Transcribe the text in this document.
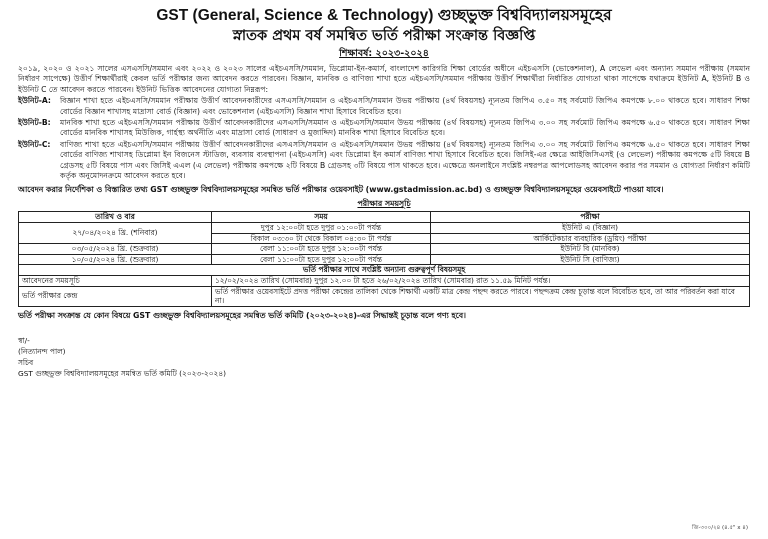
GST (General, Science & Technology) গুচ্ছভুক্ত বিশ্ববিদ্যালয়সমূহের
স্নাতক প্রথম বর্ষ সমন্বিত ভর্তি পরীক্ষা সংক্রান্ত বিজ্ঞপ্তি
শিক্ষাবর্ষ: ২০২৩-২০২৪
২০১৯, ২০২০ ও ২০২১ সালের এসএসসি/সমমান এবং ২০২২ ও ২০২৩ সালের এইচএসসি/সমমান, ডিপ্লোমা-ইন-কমার্স, বাংলাদেশ কারিগরি শিক্ষা বোর্ডের অধীনে এইচএসসি (ভোকেশনাল), A লেভেল এবং অন্যান্য সমমান পরীক্ষায় (সমমান নির্ধারণ সাপেক্ষে) উত্তীর্ণ শিক্ষার্থীরাই কেবল ভর্তি পরীক্ষার জন্য আবেদন করতে পারবেন। বিজ্ঞান, মানবিক ও বাণিজ্য শাখা হতে এইচএসসি/সমমান পরীক্ষায় উত্তীর্ণ শিক্ষার্থীরা নির্ধারিত যোগ্যতা থাকা সাপেক্ষে যথাক্রমে ইউনিট A, ইউনিট B ও ইউনিট C তে আবেদন করতে পারবেন। ইউনিট ভিত্তিক আবেদনের যোগ্যতা নিম্নরূপ:
ইউনিট-A:	বিজ্ঞান শাখা হতে এইচএসসি/সমমান পরীক্ষায় উত্তীর্ণ আবেদনকারীদের এসএসসি/সমমান ও এইচএসসি/সমমান উভয় পরীক্ষায় (৪র্থ বিষয়সহ) ন্যূনতম জিপিএ ৩.৫০ সহ সর্বমোট জিপিএ কমপক্ষে ৮.০০ থাকতে হবে। সাধারণ শিক্ষা বোর্ডের বিজ্ঞান শাখাসহ মাদ্রাসা বোর্ড (বিজ্ঞান) এবং ভোকেশনাল (এইচএসসি) বিজ্ঞান শাখা হিসাবে বিবেচিত হবে।
ইউনিট-B:	মানবিক শাখা হতে এইচএসসি/সমমান পরীক্ষায় উত্তীর্ণ আবেদনকারীদের এসএসসি/সমমান ও এইচএসসি/সমমান উভয় পরীক্ষায় (৪র্থ বিষয়সহ) ন্যূনতম জিপিএ ৩.০০ সহ সর্বমোট জিপিএ কমপক্ষে ৬.৫০ থাকতে হবে। সাধারণ শিক্ষা বোর্ডের মানবিক শাখাসহ মিউজিক, গার্হস্থ্য অর্থনীতি এবং মাদ্রাসা বোর্ড (সাধারণ ও মুজাদ্দিদ) মানবিক শাখা হিসাবে বিবেচিত হবে।
ইউনিট-C:	বাণিজ্য শাখা হতে এইচএসসি/সমমান পরীক্ষায় উত্তীর্ণ আবেদনকারীদের এসএসসি/সমমান ও এইচএসসি/সমমান উভয় পরীক্ষায় (৪র্থ বিষয়সহ) ন্যূনতম জিপিএ ৩.০০ সহ সর্বমোট জিপিএ কমপক্ষে ৬.৫০ থাকতে হবে। সাধারণ শিক্ষা বোর্ডের বাণিজ্য শাখাসহ ডিপ্লোমা ইন বিজনেস স্টাডিজ, ব্যবসায় ব্যবস্থাপনা (এইচএসসি) এবং ডিপ্লোমা ইন কমার্স বাণিজ্য শাখা হিসাবে বিবেচিত হবে। জিসিই-এর ক্ষেত্রে আইজিসিএসই (ও লেভেল) পরীক্ষায় কমপক্ষে ৫টি বিষয়ে B গ্রেডসহ ৫টি বিষয়ে পাস এবং জিসিই এএল (এ লেভেল) পরীক্ষায় কমপক্ষে ২টি বিষয়ে B গ্রেডসহ ৩টি বিষয়ে পাস থাকতে হবে। এক্ষেত্রে অনলাইনে সংশ্লিষ্ট নম্বরপত্র আপলোডসহ আবেদন করার পর সমমান ও যোগ্যতা নির্ধারণ কমিটি কর্তৃক অনুমোদনক্রমে আবেদন করতে হবে।
আবেদন করার নির্দেশিকা ও বিস্তারিত তথ্য GST গুচ্ছভুক্ত বিশ্ববিদ্যালয়সমূহের সমন্বিত ভর্তি পরীক্ষার ওয়েবসাইট (www.gstadmission.ac.bd) ও গুচ্ছভুক্ত বিশ্ববিদ্যালয়সমূহের ওয়েবসাইটে পাওয়া যাবে।
পরীক্ষার সময়সূচি
তারিখ ও বার	সময়	পরীক্ষা
২৭/০৪/২০২৪ খ্রি. (শনিবার)	দুপুর ১২:০০টা হতে দুপুর ০১:০০টা পর্যন্ত	ইউনিট এ (বিজ্ঞান)
	বিকাল ০৩:৩০ টা থেকে বিকাল ০৪:৩০ টা পর্যন্ত	আর্কিটেকচার ব্যবহারিক (ড্রয়িং) পরীক্ষা
০৩/০৫/২০২৪ খ্রি. (শুক্রবার)	বেলা ১১:০০টা হতে দুপুর ১২:০০টা পর্যন্ত	ইউনিট বি (মানবিক)
১০/০৫/২০২৪ খ্রি. (শুক্রবার)	বেলা ১১:০০টা হতে দুপুর ১২:০০টা পর্যন্ত	ইউনিট সি (বাণিজ্য)
ভর্তি পরীক্ষার সাথে সংশ্লিষ্ট অন্যান্য গুরুত্বপূর্ণ বিষয়সমূহ		
আবেদনের সময়সূচি	১২/০২/২০২৪ তারিখ (সোমবার) দুপুর ১২.০০ টা হতে ২৬/০২/২০২৪ তারিখ (সোমবার) রাত ১১.৫৯ মিনিট পর্যন্ত।	
ভর্তি পরীক্ষার কেন্দ্র	ভর্তি পরীক্ষার ওয়েবসাইটে প্রদত্ত পরীক্ষা কেন্দ্রের তালিকা থেকে শিক্ষার্থী একটি মাত্র কেন্দ্র পছন্দ করতে পারবে। পছন্দক্রম কেন্দ্র চূড়ান্ত বলে বিবেচিত হবে, তা আর পরিবর্তন করা যাবে না।	
ভর্তি পরীক্ষা সংক্রান্ত যে কোন বিষয়ে GST গুচ্ছভুক্ত বিশ্ববিদ্যালয়সমূহের সমন্বিত ভর্তি কমিটি (২০২৩-২০২৪)-এর সিদ্ধান্তই চূড়ান্ত বলে গণ্য হবে।
স্বা/-
(নিত্যানন্দ পাল)
সচিব
GST গুচ্ছভুক্ত বিশ্ববিদ্যালয়সমূহের সমন্বিত ভর্তি কমিটি (২০২৩-২০২৪)
জি-৩০০/২৪ (৪.৫" x ৪)
